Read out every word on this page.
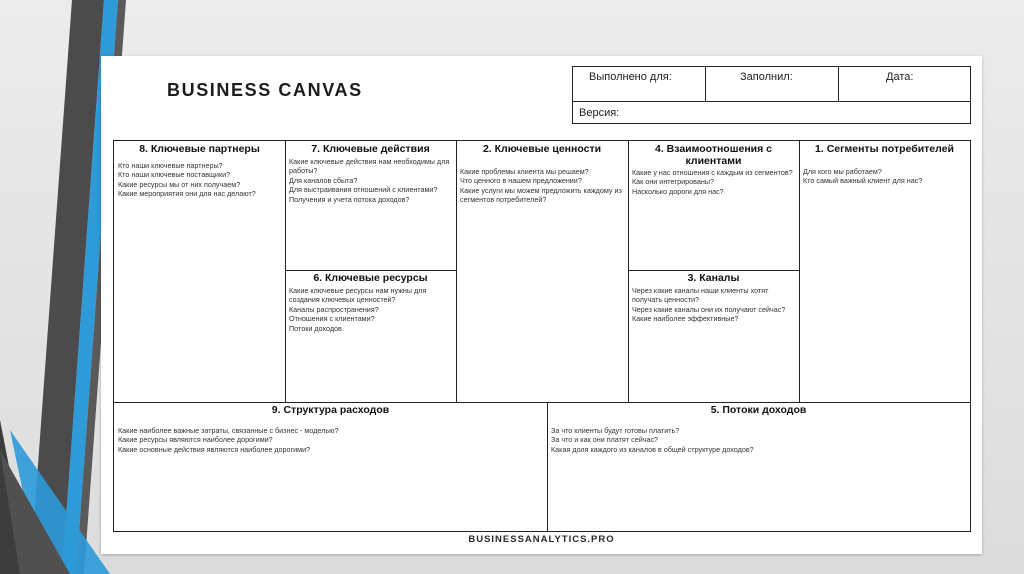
BUSINESS CANVAS
Выполнено для:	Заполнил:	Дата:
Версия:
8. Ключевые партнеры
Кто наши ключевые партнеры?
Кто наши ключевые поставщики?
Какие ресурсы мы от них получаем?
Какие мероприятия они для нас делают?
7. Ключевые действия
Какие ключевые действия нам необходимы для работы?
Для каналов сбыта?
Для выстраивания отношений с клиентами?
Получения и учета потока доходов?
6. Ключевые ресурсы
Какие ключевые ресурсы нам нужны для создания ключевых ценностей?
Каналы распространения?
Отношения с клиентами?
Потоки доходов.
2. Ключевые ценности
Какие проблемы клиента мы решаем?
Что ценного в нашем предложении?
Какие услуги мы можем предложить каждому из сегментов потребителей?
4. Взаимоотношения с клиентами
Какие у нас отношения с каждым из сегментов?
Как они интегрированы?
Насколько дороги для нас?
3. Каналы
Через какие каналы наши клиенты хотят получать ценности?
Через какие каналы они их получают сейчас?
Какие наиболее эффективные?
1. Сегменты потребителей
Для кого мы работаем?
Кто самый важный клиент для нас?
9. Структура расходов
Какие наиболее важные затраты, связанные с бизнес - моделью?
Какие ресурсы являются наиболее дорогими?
Какие основные действия являются наиболее дорогими?
5. Потоки доходов
За что клиенты будут готовы платить?
За что и как они платят сейчас?
Какая доля каждого из каналов в общей структуре доходов?
BUSINESSANALYTICS.PRO
